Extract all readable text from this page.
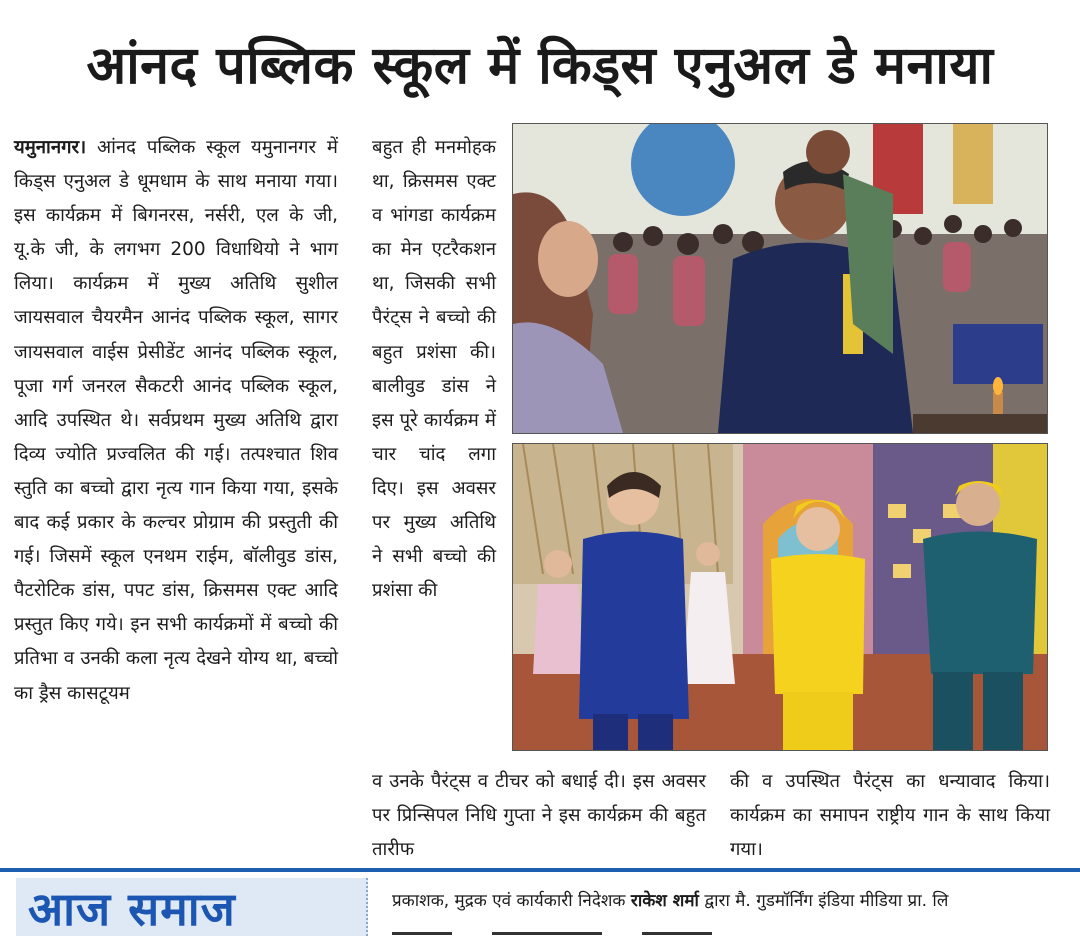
आंनद पब्लिक स्कूल में किड्स एनुअल डे मनाया
यमुनानगर। आंनद पब्लिक स्कूल यमुनानगर में किड्स एनुअल डे धूमधाम के साथ मनाया गया। इस कार्यक्रम में बिगनरस, नर्सरी, एल के जी, यू.के जी, के लगभग 200 विधाथियो ने भाग लिया। कार्यक्रम में मुख्य अतिथि सुशील जायसवाल चैयरमैन आनंद पब्लिक स्कूल, सागर जायसवाल वाईस प्रेसीडेंट आनंद पब्लिक स्कूल, पूजा गर्ग जनरल सैकटरी आनंद पब्लिक स्कूल, आदि उपस्थित थे। सर्वप्रथम मुख्य अतिथि द्वारा दिव्य ज्योति प्रज्वलित की गई। तत्पश्चात शिव स्तुति का बच्चो द्वारा नृत्य गान किया गया, इसके बाद कई प्रकार के कल्चर प्रोग्राम की प्रस्तुती की गई। जिसमें स्कूल एनथम राईम, बॉलीवुड डांस, पैटरोटिक डांस, पपट डांस, क्रिसमस एक्ट आदि प्रस्तुत किए गये। इन सभी कार्यक्रमों में बच्चो की प्रतिभा व उनकी कला नृत्य देखने योग्य था, बच्चो का ड्रैस कासटूयम
बहुत ही मनमोहक था, क्रिसमस एक्ट व भांगडा कार्यक्रम का मेन एटरैकशन था, जिसकी सभी पैरंट्स ने बच्चो की बहुत प्रशंसा की। बालीवुड डांस ने इस पूरे कार्यक्रम में चार चांद लगा दिए। इस अवसर पर मुख्य अतिथि ने सभी बच्चो की प्रशंसा की
व उनके पैरंट्स व टीचर को बधाई दी। इस अवसर पर प्रिन्सिपल निधि गुप्ता ने इस कार्यक्रम की बहुत तारीफ
की व उपस्थित पैरंट्स का धन्यावाद किया। कार्यक्रम का समापन राष्ट्रीय गान के साथ किया गया।
आज समाज	प्रकाशक, मुद्रक एवं कार्यकारी निदेशक राकेश शर्मा द्वारा मै. गुडमॉर्निंग इंडिया मीडिया प्रा. लि
